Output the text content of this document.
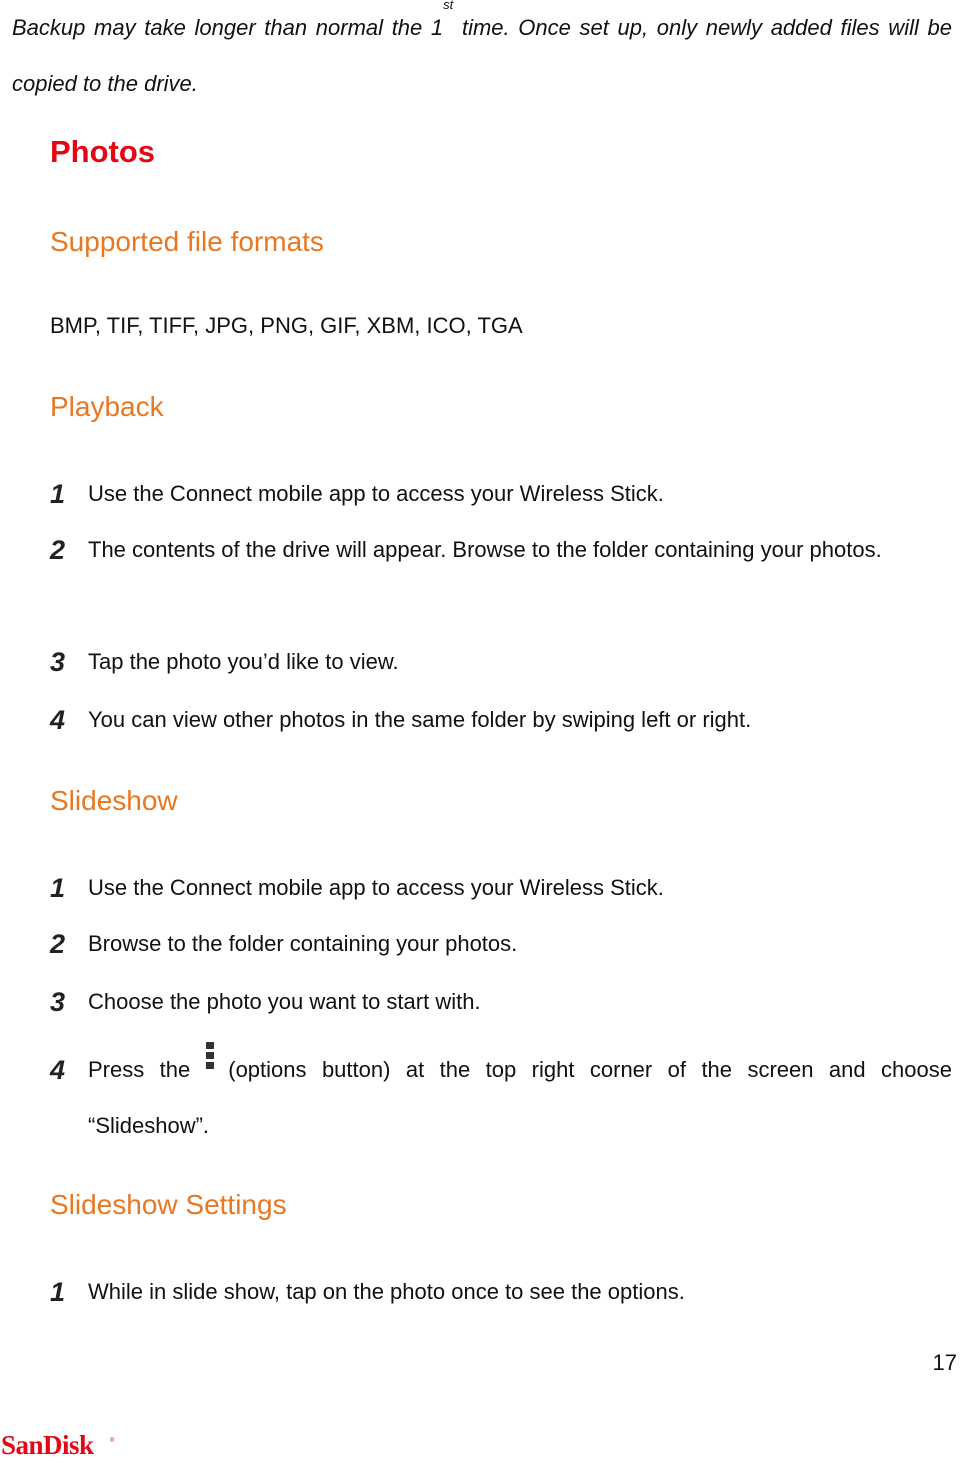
Backup may take longer than normal the 1st time. Once set up, only newly added files will be copied to the drive.

Photos
Supported file formats

BMP, TIF, TIFF, JPG, PNG, GIF, XBM, ICO, TGA

Playback
1 Use the Connect mobile app to access your Wireless Stick.
2 The contents of the drive will appear. Browse to the folder containing your photos.
3 Tap the photo you’d like to view.
4 You can view other photos in the same folder by swiping left or right.
Slideshow
1 Use the Connect mobile app to access your Wireless Stick.
2 Browse to the folder containing your photos.
3 Choose the photo you want to start with.
4 Press the (options button) at the top right corner of the screen and choose “Slideshow”.
Slideshow Settings
1 While in slide show, tap on the photo once to see the options.

17

SanDisk	®
